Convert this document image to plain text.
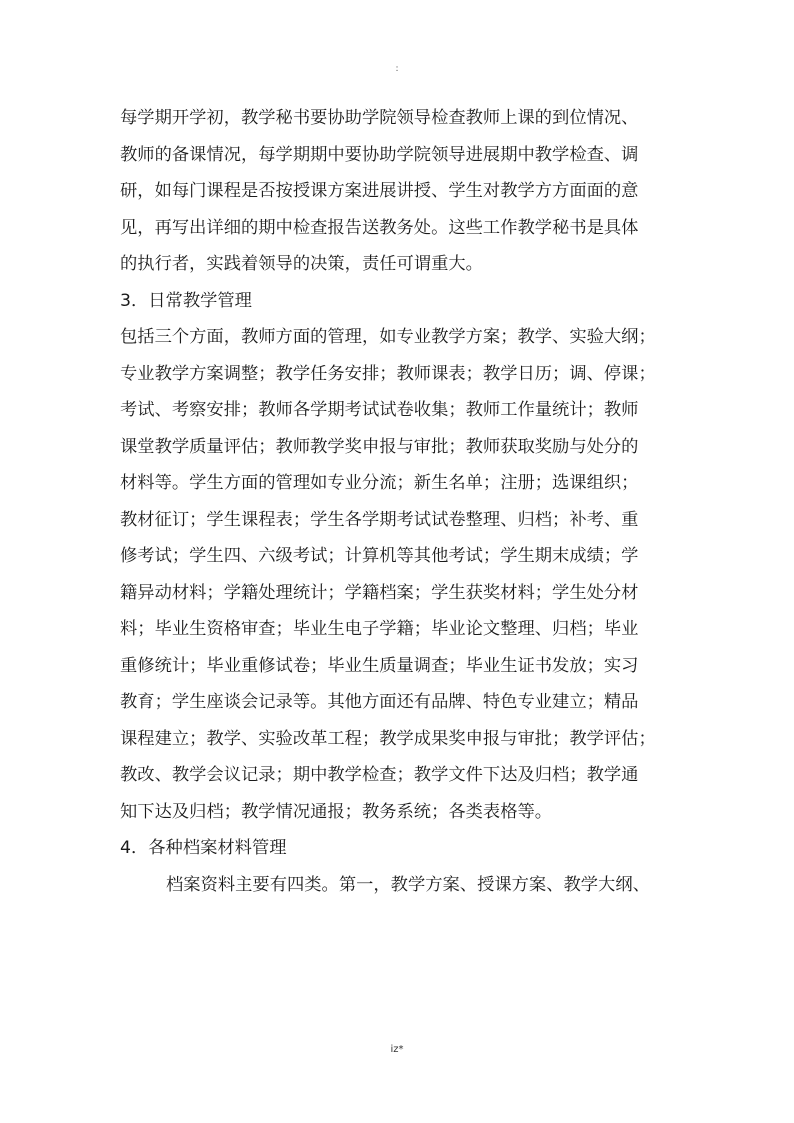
:
每学期开学初，教学秘书要协助学院领导检查教师上课的到位情况、
教师的备课情况，每学期期中要协助学院领导进展期中教学检查、调
研，如每门课程是否按授课方案进展讲授、学生对教学方方面面的意
见，再写出详细的期中检查报告送教务处。这些工作教学秘书是具体
的执行者，实践着领导的决策，责任可谓重大。
3．日常教学管理
包括三个方面，教师方面的管理，如专业教学方案；教学、实验大纲；
专业教学方案调整；教学任务安排；教师课表；教学日历；调、停课；
考试、考察安排；教师各学期考试试卷收集；教师工作量统计；教师
课堂教学质量评估；教师教学奖申报与审批；教师获取奖励与处分的
材料等。学生方面的管理如专业分流；新生名单；注册；选课组织；
教材征订；学生课程表；学生各学期考试试卷整理、归档；补考、重
修考试；学生四、六级考试；计算机等其他考试；学生期末成绩；学
籍异动材料；学籍处理统计；学籍档案；学生获奖材料；学生处分材
料；毕业生资格审查；毕业生电子学籍；毕业论文整理、归档；毕业
重修统计；毕业重修试卷；毕业生质量调查；毕业生证书发放；实习
教育；学生座谈会记录等。其他方面还有品牌、特色专业建立；精品
课程建立；教学、实验改革工程；教学成果奖申报与审批；教学评估；
教改、教学会议记录；期中教学检查；教学文件下达及归档；教学通
知下达及归档；教学情况通报；教务系统；各类表格等。
4．各种档案材料管理
档案资料主要有四类。第一，教学方案、授课方案、教学大纲、
iz*
